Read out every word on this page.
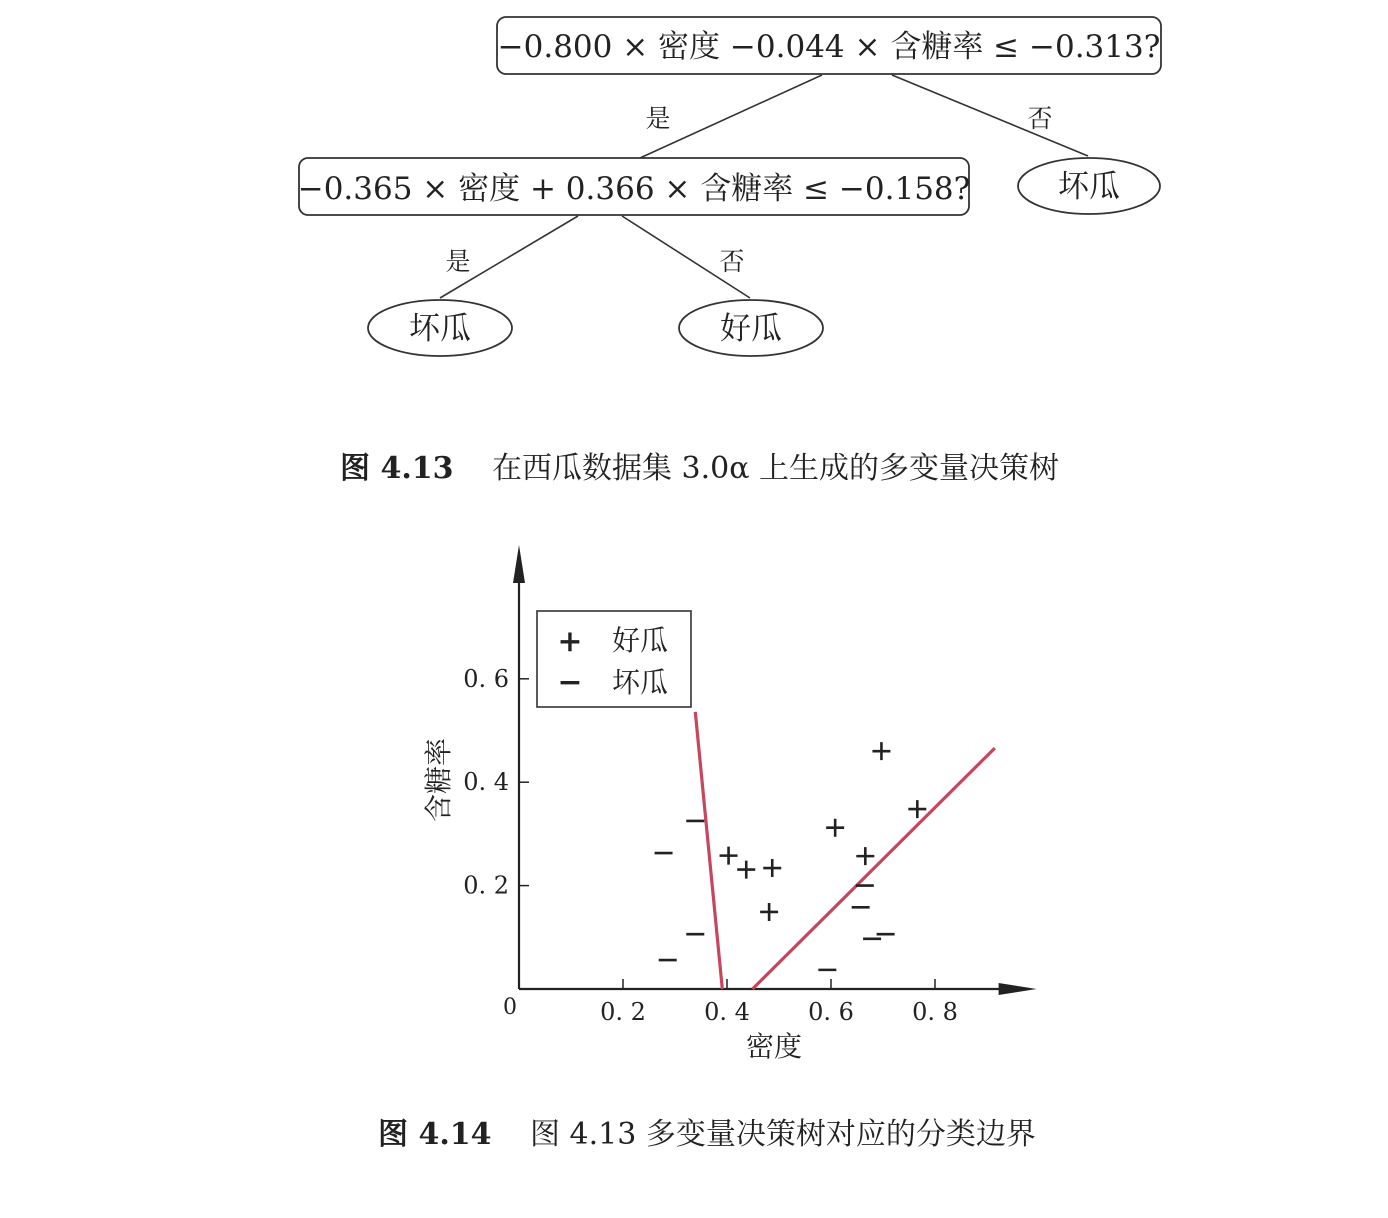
−0.800 × 密度 −0.044 × 含糖率 ≤ −0.313?
是	否
−0.365 × 密度 + 0.366 × 含糖率 ≤ −0.158?	坏瓜
是	否
坏瓜	好瓜
图 4.13 在西瓜数据集 3.0α 上生成的多变量决策树
0	0. 2 0. 4 0. 6 0. 8
0. 2
0. 4
0. 6
+ 好瓜
− 坏瓜
密度
含糖率
图 4.14 图 4.13 多变量决策树对应的分类边界
